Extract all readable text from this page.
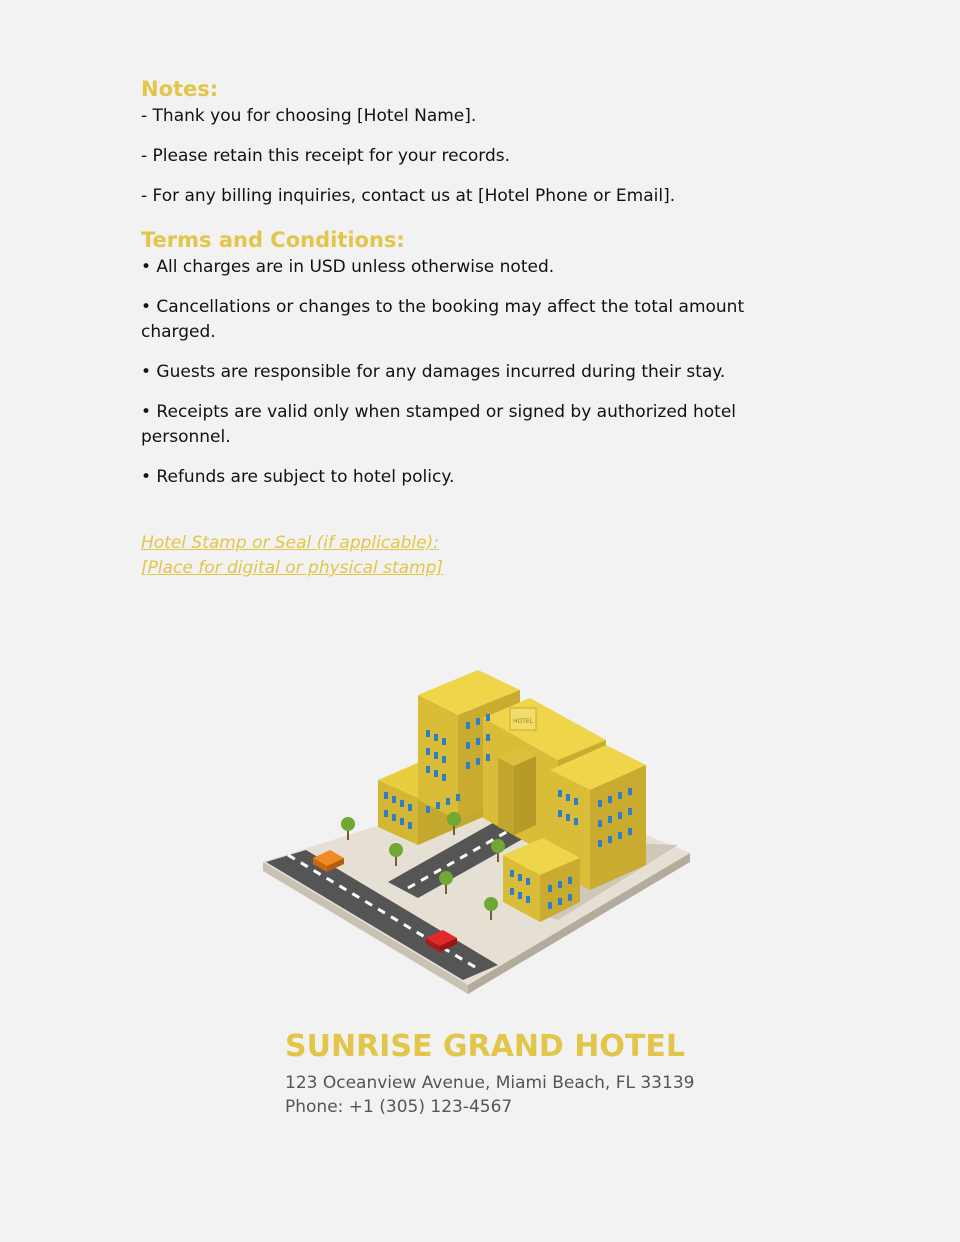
Notes:

- Thank you for choosing [Hotel Name].

- Please retain this receipt for your records.

- For any billing inquiries, contact us at [Hotel Phone or Email].

Terms and Conditions:

• All charges are in USD unless otherwise noted.

• Cancellations or changes to the booking may affect the total amount charged.

• Guests are responsible for any damages incurred during their stay.

• Receipts are valid only when stamped or signed by authorized hotel personnel.

• Refunds are subject to hotel policy.

Hotel Stamp or Seal (if applicable):
[Place for digital or physical stamp]
HOTEL
SUNRISE GRAND HOTEL
123 Oceanview Avenue, Miami Beach, FL 33139
Phone: +1 (305) 123-4567
